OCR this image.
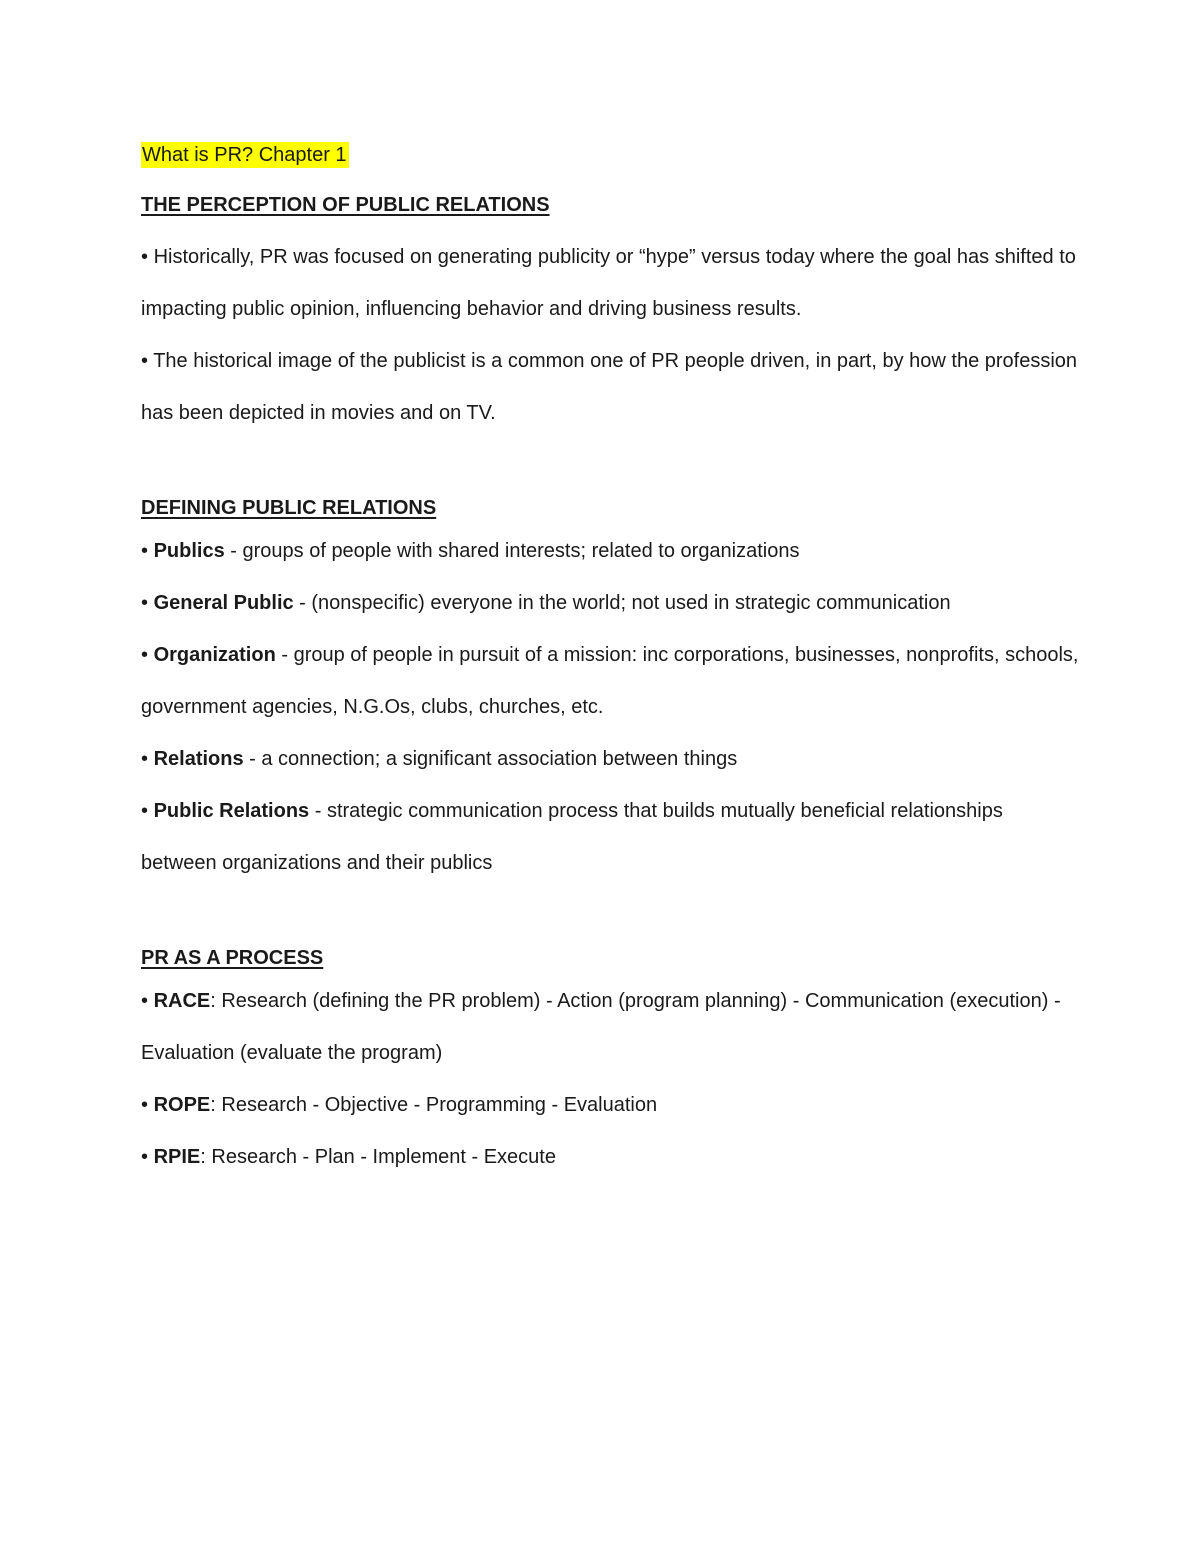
What is PR? Chapter 1

THE PERCEPTION OF PUBLIC RELATIONS

• Historically, PR was focused on generating publicity or “hype” versus today where the goal has shifted to impacting public opinion, influencing behavior and driving business results.

• The historical image of the publicist is a common one of PR people driven, in part, by how the profession has been depicted in movies and on TV.

DEFINING PUBLIC RELATIONS

• Publics - groups of people with shared interests; related to organizations

• General Public - (nonspecific) everyone in the world; not used in strategic communication

• Organization - group of people in pursuit of a mission: inc corporations, businesses, nonprofits, schools, government agencies, N.G.Os, clubs, churches, etc.

• Relations - a connection; a significant association between things

• Public Relations - strategic communication process that builds mutually beneficial relationships between organizations and their publics

PR AS A PROCESS

• RACE: Research (defining the PR problem) - Action (program planning) - Communication (execution) - Evaluation (evaluate the program)

• ROPE: Research - Objective - Programming - Evaluation

• RPIE: Research - Plan - Implement - Execute
